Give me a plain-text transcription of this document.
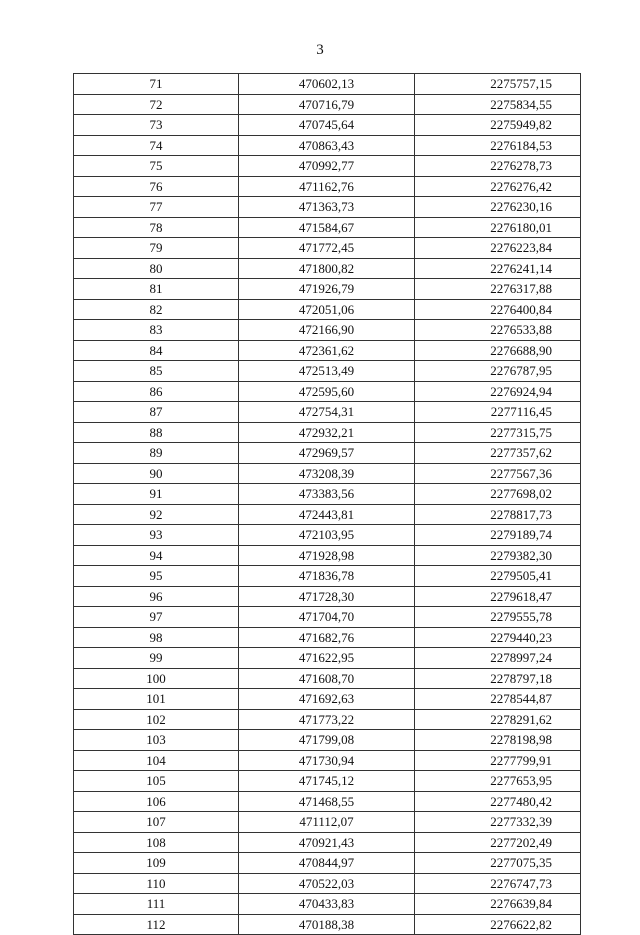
3
71	470602,13	2275757,15
72	470716,79	2275834,55
73	470745,64	2275949,82
74	470863,43	2276184,53
75	470992,77	2276278,73
76	471162,76	2276276,42
77	471363,73	2276230,16
78	471584,67	2276180,01
79	471772,45	2276223,84
80	471800,82	2276241,14
81	471926,79	2276317,88
82	472051,06	2276400,84
83	472166,90	2276533,88
84	472361,62	2276688,90
85	472513,49	2276787,95
86	472595,60	2276924,94
87	472754,31	2277116,45
88	472932,21	2277315,75
89	472969,57	2277357,62
90	473208,39	2277567,36
91	473383,56	2277698,02
92	472443,81	2278817,73
93	472103,95	2279189,74
94	471928,98	2279382,30
95	471836,78	2279505,41
96	471728,30	2279618,47
97	471704,70	2279555,78
98	471682,76	2279440,23
99	471622,95	2278997,24
100	471608,70	2278797,18
101	471692,63	2278544,87
102	471773,22	2278291,62
103	471799,08	2278198,98
104	471730,94	2277799,91
105	471745,12	2277653,95
106	471468,55	2277480,42
107	471112,07	2277332,39
108	470921,43	2277202,49
109	470844,97	2277075,35
110	470522,03	2276747,73
111	470433,83	2276639,84
112	470188,38	2276622,82
